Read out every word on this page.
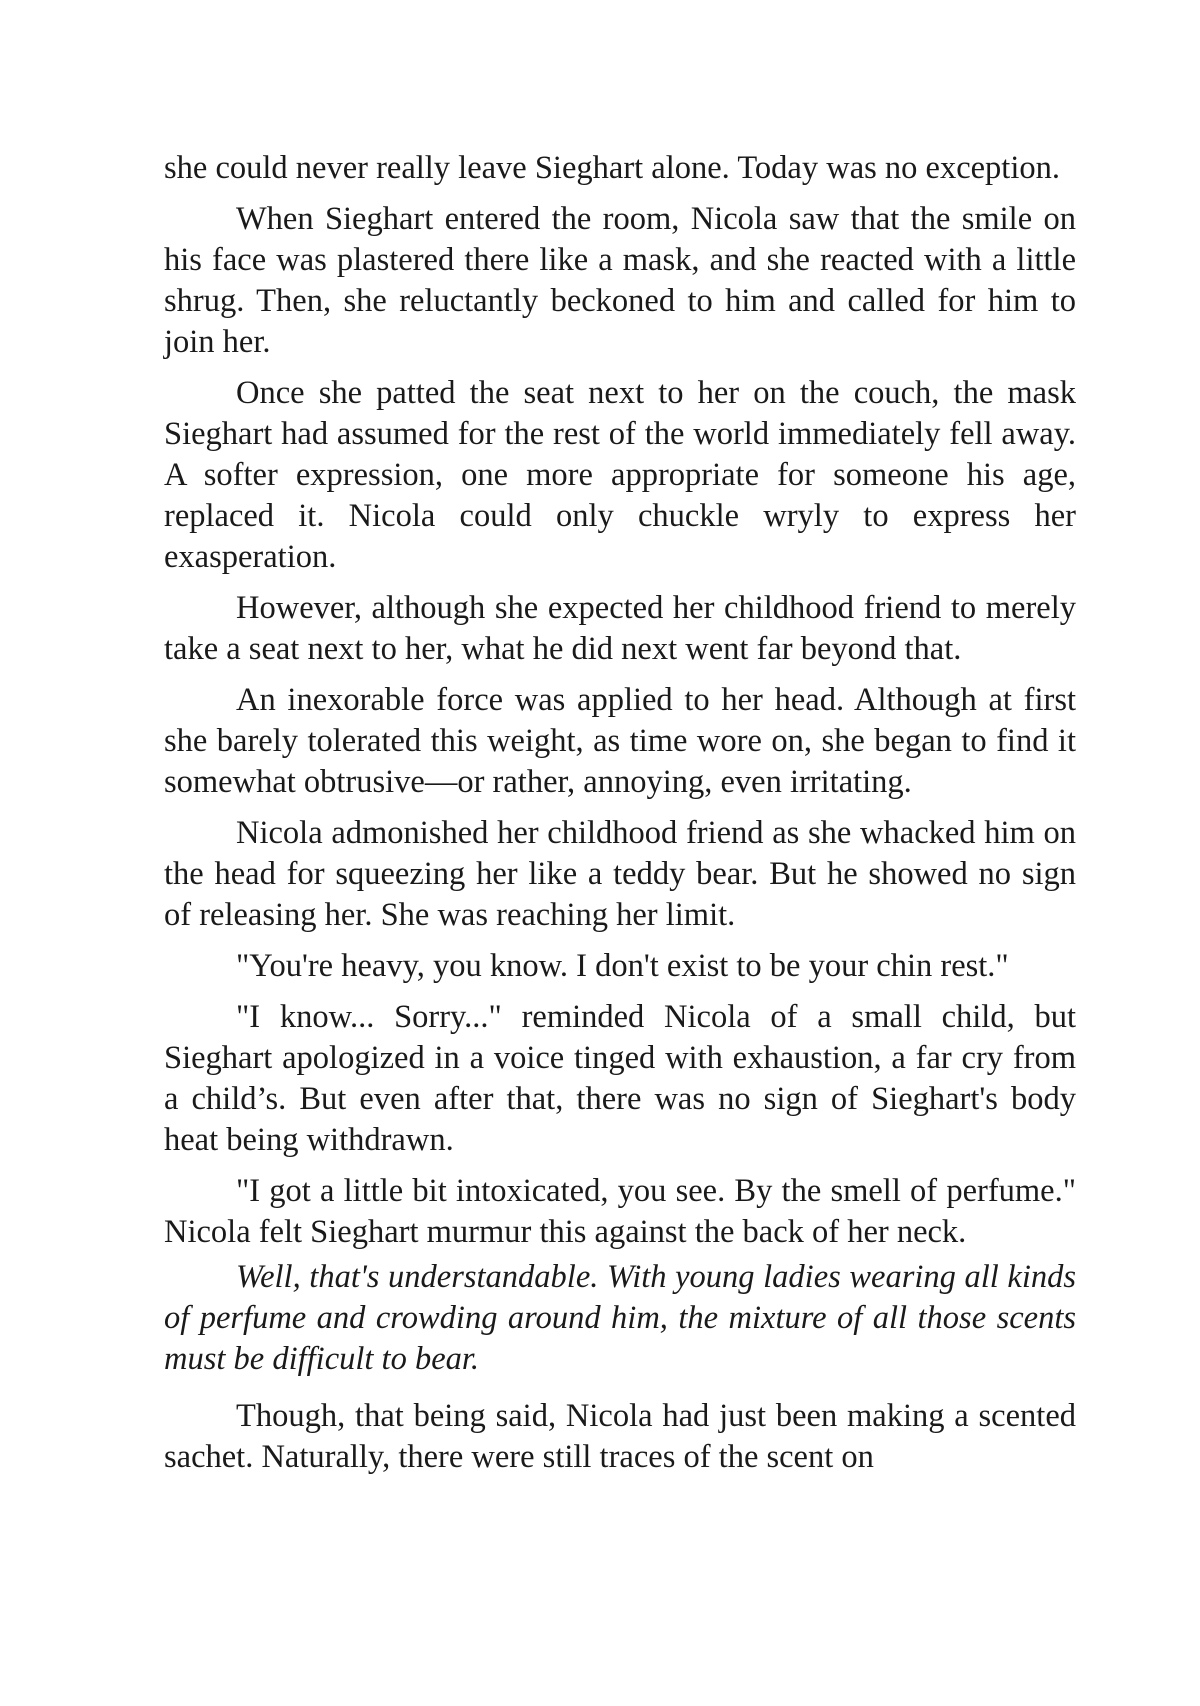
she could never really leave Sieghart alone. Today was no exception.

When Sieghart entered the room, Nicola saw that the smile on his face was plastered there like a mask, and she reacted with a little shrug. Then, she reluctantly beckoned to him and called for him to join her.

Once she patted the seat next to her on the couch, the mask Sieghart had assumed for the rest of the world immediately fell away. A softer expression, one more appropriate for someone his age, replaced it. Nicola could only chuckle wryly to express her exasperation.

However, although she expected her childhood friend to merely take a seat next to her, what he did next went far beyond that.

An inexorable force was applied to her head. Although at first she barely tolerated this weight, as time wore on, she began to find it somewhat obtrusive—or rather, annoying, even irritating.

Nicola admonished her childhood friend as she whacked him on the head for squeezing her like a teddy bear. But he showed no sign of releasing her. She was reaching her limit.

"You're heavy, you know. I don't exist to be your chin rest."

"I know... Sorry..." reminded Nicola of a small child, but Sieghart apologized in a voice tinged with exhaustion, a far cry from a child’s. But even after that, there was no sign of Sieghart's body heat being withdrawn.

"I got a little bit intoxicated, you see. By the smell of perfume." Nicola felt Sieghart murmur this against the back of her neck.

Well, that's understandable. With young ladies wearing all kinds of perfume and crowding around him, the mixture of all those scents must be difficult to bear.

Though, that being said, Nicola had just been making a scented sachet. Naturally, there were still traces of the scent on
